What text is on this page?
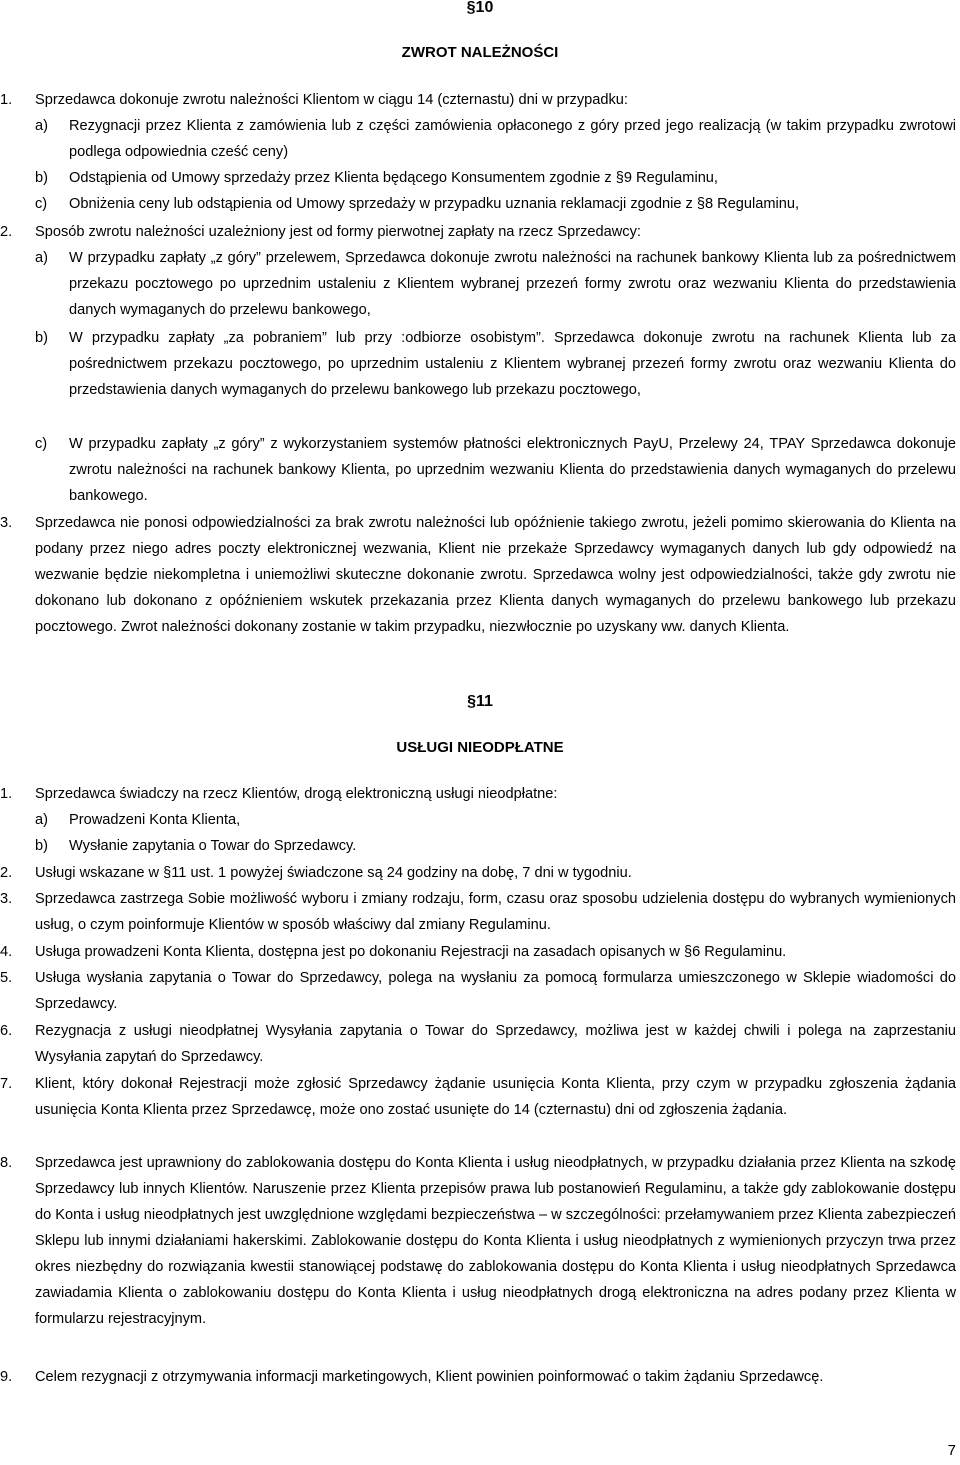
§10
ZWROT NALEŻNOŚCI
1. Sprzedawca dokonuje zwrotu należności Klientom w ciągu 14 (czternastu) dni w przypadku:
a) Rezygnacji przez Klienta z zamówienia lub z części zamówienia opłaconego z góry przed jego realizacją (w takim przypadku zwrotowi podlega odpowiednia cześć ceny)
b) Odstąpienia od Umowy sprzedaży przez Klienta będącego Konsumentem zgodnie z §9 Regulaminu,
c) Obniżenia ceny lub odstąpienia od Umowy sprzedaży w przypadku uznania reklamacji zgodnie z §8 Regulaminu,
2. Sposób zwrotu należności uzależniony jest od formy pierwotnej zapłaty na rzecz Sprzedawcy:
a) W przypadku zapłaty „z góry” przelewem, Sprzedawca dokonuje zwrotu należności na rachunek bankowy Klienta lub za pośrednictwem przekazu pocztowego po uprzednim ustaleniu z Klientem wybranej przezeń formy zwrotu oraz wezwaniu Klienta do przedstawienia danych wymaganych do przelewu bankowego,
b) W przypadku zapłaty „za pobraniem” lub przy :odbiorze osobistym”. Sprzedawca dokonuje zwrotu na rachunek Klienta lub za pośrednictwem przekazu pocztowego, po uprzednim ustaleniu z Klientem wybranej przezeń formy zwrotu oraz wezwaniu Klienta do przedstawienia danych wymaganych do przelewu bankowego lub przekazu pocztowego,
c) W przypadku zapłaty „z góry” z wykorzystaniem systemów płatności elektronicznych PayU, Przelewy 24, TPAY Sprzedawca dokonuje zwrotu należności na rachunek bankowy Klienta, po uprzednim wezwaniu Klienta do przedstawienia danych wymaganych do przelewu bankowego.
3. Sprzedawca nie ponosi odpowiedzialności za brak zwrotu należności lub opóźnienie takiego zwrotu, jeżeli pomimo skierowania do Klienta na podany przez niego adres poczty elektronicznej wezwania, Klient nie przekaże Sprzedawcy wymaganych danych lub gdy odpowiedź na wezwanie będzie niekompletna i uniemożliwi skuteczne dokonanie zwrotu. Sprzedawca wolny jest odpowiedzialności, także gdy zwrotu nie dokonano lub dokonano z opóźnieniem wskutek przekazania przez Klienta danych wymaganych do przelewu bankowego lub przekazu pocztowego. Zwrot należności dokonany zostanie w takim przypadku, niezwłocznie po uzyskany ww. danych Klienta.
§11
USŁUGI NIEODPŁATNE
1. Sprzedawca świadczy na rzecz Klientów, drogą elektroniczną usługi nieodpłatne:
a) Prowadzeni Konta Klienta,
b) Wysłanie zapytania o Towar do Sprzedawcy.
2. Usługi wskazane w §11 ust. 1 powyżej świadczone są 24 godziny na dobę, 7 dni w tygodniu.
3. Sprzedawca zastrzega Sobie możliwość wyboru i zmiany rodzaju, form, czasu oraz sposobu udzielenia dostępu do wybranych wymienionych usług, o czym poinformuje Klientów w sposób właściwy dal zmiany Regulaminu.
4. Usługa prowadzeni Konta Klienta, dostępna jest po dokonaniu Rejestracji na zasadach opisanych w §6 Regulaminu.
5. Usługa wysłania zapytania o Towar do Sprzedawcy, polega na wysłaniu za pomocą formularza umieszczonego w Sklepie wiadomości do Sprzedawcy.
6. Rezygnacja z usługi nieodpłatnej Wysyłania zapytania o Towar do Sprzedawcy, możliwa jest w każdej chwili i polega na zaprzestaniu Wysyłania zapytań do Sprzedawcy.
7. Klient, który dokonał Rejestracji może zgłosić Sprzedawcy żądanie usunięcia Konta Klienta, przy czym w przypadku zgłoszenia żądania usunięcia Konta Klienta przez Sprzedawcę, może ono zostać usunięte do 14 (czternastu) dni od zgłoszenia żądania.
8. Sprzedawca jest uprawniony do zablokowania dostępu do Konta Klienta i usług nieodpłatnych, w przypadku działania przez Klienta na szkodę Sprzedawcy lub innych Klientów. Naruszenie przez Klienta przepisów prawa lub postanowień Regulaminu, a także gdy zablokowanie dostępu do Konta i usług nieodpłatnych jest uwzględnione względami bezpieczeństwa – w szczególności: przełamywaniem przez Klienta zabezpieczeń Sklepu lub innymi działaniami hakerskimi. Zablokowanie dostępu do Konta Klienta i usług nieodpłatnych z wymienionych przyczyn trwa przez okres niezbędny do rozwiązania kwestii stanowiącej podstawę do zablokowania dostępu do Konta Klienta i usług nieodpłatnych Sprzedawca zawiadamia Klienta o zablokowaniu dostępu do Konta Klienta i usług nieodpłatnych drogą elektroniczna na adres podany przez Klienta w formularzu rejestracyjnym.
9. Celem rezygnacji z otrzymywania informacji marketingowych, Klient powinien poinformować o takim żądaniu Sprzedawcę.
7
